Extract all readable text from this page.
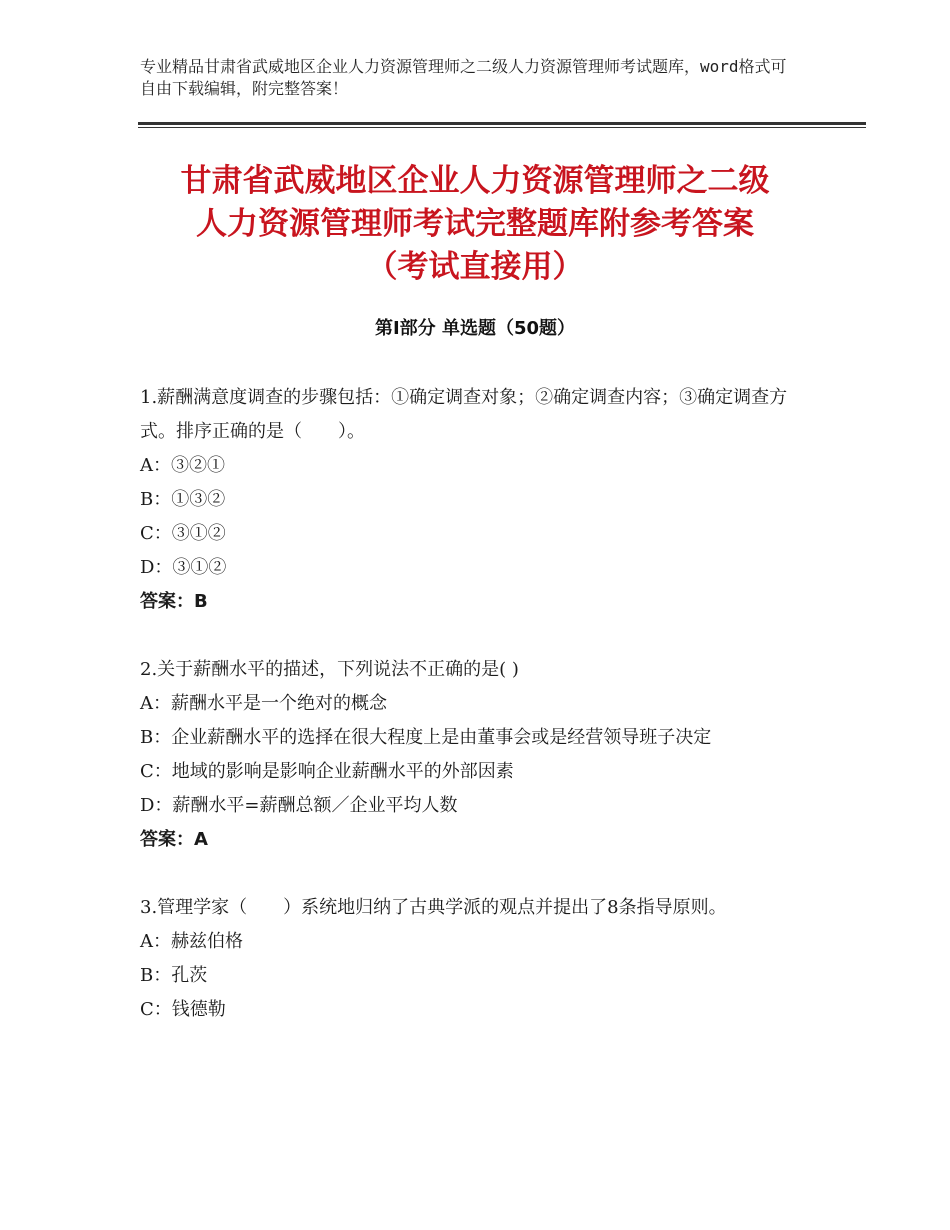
专业精品甘肃省武威地区企业人力资源管理师之二级人力资源管理师考试题库，word格式可自由下载编辑，附完整答案！
甘肃省武威地区企业人力资源管理师之二级
人力资源管理师考试完整题库附参考答案
（考试直接用）
第Ⅰ部分 单选题（50题）

1.薪酬满意度调查的步骤包括：①确定调查对象；②确定调查内容；③确定调查方式。排序正确的是（　　）。

A：③②①

B：①③②

C：③①②

D：③①②

答案：B

2.关于薪酬水平的描述，下列说法不正确的是( )

A：薪酬水平是一个绝对的概念

B：企业薪酬水平的选择在很大程度上是由董事会或是经营领导班子决定

C：地域的影响是影响企业薪酬水平的外部因素

D：薪酬水平=薪酬总额／企业平均人数

答案：A

3.管理学家（　　）系统地归纳了古典学派的观点并提出了8条指导原则。

A：赫兹伯格

B：孔茨

C：钱德勒
